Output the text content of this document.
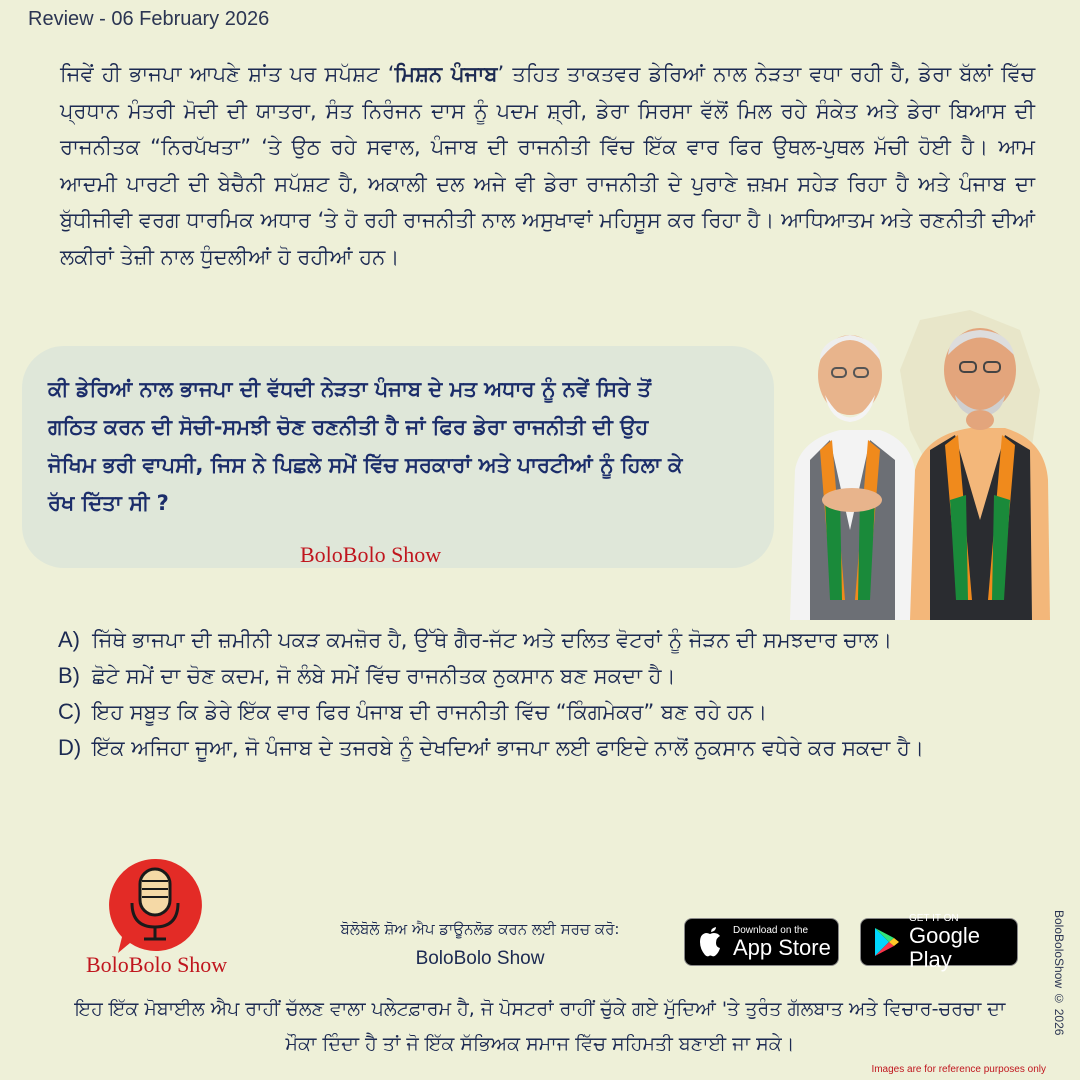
Review - 06 February 2026

ਜਿਵੇਂ ਹੀ ਭਾਜਪਾ ਆਪਣੇ ਸ਼ਾਂਤ ਪਰ ਸਪੱਸ਼ਟ ‘ਮਿਸ਼ਨ ਪੰਜਾਬ’ ਤਹਿਤ ਤਾਕਤਵਰ ਡੇਰਿਆਂ ਨਾਲ ਨੇੜਤਾ ਵਧਾ ਰਹੀ ਹੈ, ਡੇਰਾ ਬੱਲਾਂ ਵਿੱਚ ਪ੍ਰਧਾਨ ਮੰਤਰੀ ਮੋਦੀ ਦੀ ਯਾਤਰਾ, ਸੰਤ ਨਿਰੰਜਨ ਦਾਸ ਨੂੰ ਪਦਮ ਸ਼੍ਰੀ, ਡੇਰਾ ਸਿਰਸਾ ਵੱਲੋਂ ਮਿਲ ਰਹੇ ਸੰਕੇਤ ਅਤੇ ਡੇਰਾ ਬਿਆਸ ਦੀ ਰਾਜਨੀਤਕ “ਨਿਰਪੱਖਤਾ” ‘ਤੇ ਉਠ ਰਹੇ ਸਵਾਲ, ਪੰਜਾਬ ਦੀ ਰਾਜਨੀਤੀ ਵਿੱਚ ਇੱਕ ਵਾਰ ਫਿਰ ਉਥਲ-ਪੁਥਲ ਮੱਚੀ ਹੋਈ ਹੈ। ਆਮ ਆਦਮੀ ਪਾਰਟੀ ਦੀ ਬੇਚੈਨੀ ਸਪੱਸ਼ਟ ਹੈ, ਅਕਾਲੀ ਦਲ ਅਜੇ ਵੀ ਡੇਰਾ ਰਾਜਨੀਤੀ ਦੇ ਪੁਰਾਣੇ ਜ਼ਖ਼ਮ ਸਹੇੜ ਰਿਹਾ ਹੈ ਅਤੇ ਪੰਜਾਬ ਦਾ ਬੁੱਧੀਜੀਵੀ ਵਰਗ ਧਾਰਮਿਕ ਅਧਾਰ ‘ਤੇ ਹੋ ਰਹੀ ਰਾਜਨੀਤੀ ਨਾਲ ਅਸੁਖਾਵਾਂ ਮਹਿਸੂਸ ਕਰ ਰਿਹਾ ਹੈ। ਆਧਿਆਤਮ ਅਤੇ ਰਣਨੀਤੀ ਦੀਆਂ ਲਕੀਰਾਂ ਤੇਜ਼ੀ ਨਾਲ ਧੁੰਦਲੀਆਂ ਹੋ ਰਹੀਆਂ ਹਨ।

ਕੀ ਡੇਰਿਆਂ ਨਾਲ ਭਾਜਪਾ ਦੀ ਵੱਧਦੀ ਨੇੜਤਾ ਪੰਜਾਬ ਦੇ ਮਤ ਅਧਾਰ ਨੂੰ ਨਵੇਂ ਸਿਰੇ ਤੋਂ ਗਠਿਤ ਕਰਨ ਦੀ ਸੋਚੀ-ਸਮਝੀ ਚੋਣ ਰਣਨੀਤੀ ਹੈ ਜਾਂ ਫਿਰ ਡੇਰਾ ਰਾਜਨੀਤੀ ਦੀ ਉਹ ਜੋਖਿਮ ਭਰੀ ਵਾਪਸੀ, ਜਿਸ ਨੇ ਪਿਛਲੇ ਸਮੇਂ ਵਿੱਚ ਸਰਕਾਰਾਂ ਅਤੇ ਪਾਰਟੀਆਂ ਨੂੰ ਹਿਲਾ ਕੇ ਰੱਖ ਦਿੱਤਾ ਸੀ ?

BoloBolo Show
A) ਜਿੱਥੇ ਭਾਜਪਾ ਦੀ ਜ਼ਮੀਨੀ ਪਕੜ ਕਮਜ਼ੋਰ ਹੈ, ਉੱਥੇ ਗੈਰ-ਜੱਟ ਅਤੇ ਦਲਿਤ ਵੋਟਰਾਂ ਨੂੰ ਜੋੜਨ ਦੀ ਸਮਝਦਾਰ ਚਾਲ।
B) ਛੋਟੇ ਸਮੇਂ ਦਾ ਚੋਣ ਕਦਮ, ਜੋ ਲੰਬੇ ਸਮੇਂ ਵਿੱਚ ਰਾਜਨੀਤਕ ਨੁਕਸਾਨ ਬਣ ਸਕਦਾ ਹੈ।
C) ਇਹ ਸਬੂਤ ਕਿ ਡੇਰੇ ਇੱਕ ਵਾਰ ਫਿਰ ਪੰਜਾਬ ਦੀ ਰਾਜਨੀਤੀ ਵਿੱਚ “ਕਿੰਗਮੇਕਰ” ਬਣ ਰਹੇ ਹਨ।
D) ਇੱਕ ਅਜਿਹਾ ਜੂਆ, ਜੋ ਪੰਜਾਬ ਦੇ ਤਜਰਬੇ ਨੂੰ ਦੇਖਦਿਆਂ ਭਾਜਪਾ ਲਈ ਫਾਇਦੇ ਨਾਲੋਂ ਨੁਕਸਾਨ ਵਧੇਰੇ ਕਰ ਸਕਦਾ ਹੈ।
BoloBolo Show
ਬੋਲੋਬੋਲੋ ਸ਼ੋਅ ਐਪ ਡਾਊਨਲੋਡ ਕਰਨ ਲਈ ਸਰਚ ਕਰੋ:
BoloBolo Show
Download on the
App Store
GET IT ON
Google Play

ਇਹ ਇੱਕ ਮੋਬਾਈਲ ਐਪ ਰਾਹੀਂ ਚੱਲਣ ਵਾਲਾ ਪਲੇਟਫ਼ਾਰਮ ਹੈ, ਜੋ ਪੋਸਟਰਾਂ ਰਾਹੀਂ ਚੁੱਕੇ ਗਏ ਮੁੱਦਿਆਂ 'ਤੇ ਤੁਰੰਤ ਗੱਲਬਾਤ ਅਤੇ ਵਿਚਾਰ-ਚਰਚਾ ਦਾ ਮੌਕਾ ਦਿੰਦਾ ਹੈ ਤਾਂ ਜੋ ਇੱਕ ਸੱਭਿਅਕ ਸਮਾਜ ਵਿੱਚ ਸਹਿਮਤੀ ਬਣਾਈ ਜਾ ਸਕੇ।

BoloBoloShow © 2026
Images are for reference purposes only
